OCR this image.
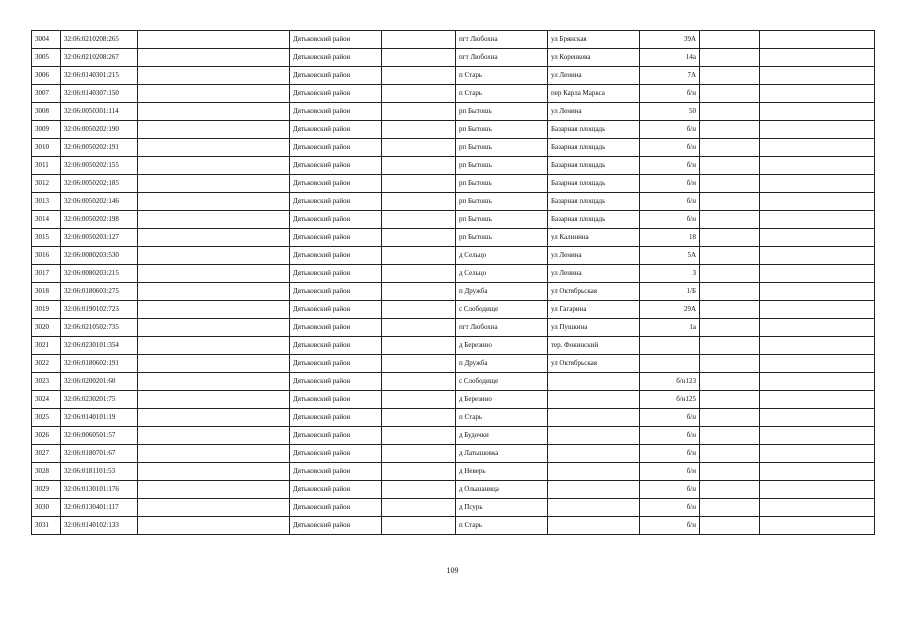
3004	32:06:0210208:265		Дятьковский район		пгт Любохна	ул Брянская	39А		
3005	32:06:0210208:267		Дятьковский район		пгт Любохна	ул Коренкова	14а		
3006	32:06:0140301:215		Дятьковский район		п Старь	ул Ленина	7А		
3007	32:06:0140307:150		Дятьковский район		п Старь	пер Карла Маркса	б/н		
3008	32:06:0050301:114		Дятьковский район		рп Бытошь	ул Ленина	50		
3009	32:06:0050202:190		Дятьковский район		рп Бытошь	Базарная площадь	б/н		
3010	32:06:0050202:191		Дятьковский район		рп Бытошь	Базарная площадь	б/н		
3011	32:06:0050202:155		Дятьковский район		рп Бытошь	Базарная площадь	б/н		
3012	32:06:0050202:185		Дятьковский район		рп Бытошь	Базарная площадь	б/н		
3013	32:06:0050202:146		Дятьковский район		рп Бытошь	Базарная площадь	б/н		
3014	32:06:0050202:198		Дятьковский район		рп Бытошь	Базарная площадь	б/н		
3015	32:06:0050203:127		Дятьковский район		рп Бытошь	ул Калинина	18		
3016	32:06:0080203:530		Дятьковский район		д Сельцо	ул Ленина	5А		
3017	32:06:0080203:215		Дятьковский район		д Сельцо	ул Ленина	3		
3018	32:06:0180603:275		Дятьковский район		п Дружба	ул Октябрьская	1/Б		
3019	32:06:0190102:723		Дятьковский район		с Слободище	ул Гагарина	29А		
3020	32:06:0210502:735		Дятьковский район		пгт Любохна	ул Пушкина	1а		
3021	32:06:0230101:354		Дятьковский район		д Березино	тер. Фокинский			
3022	32:06:0180602:191		Дятьковский район		п Дружба	ул Октябрьская			
3023	32:06:0200201:60		Дятьковский район		с Слободище		б/н123		
3024	32:06:0230201:75		Дятьковский район		д Березино		б/н125		
3025	32:06:0140101:19		Дятьковский район		п Старь		б/н		
3026	32:06:0060501:57		Дятьковский район		д Будочки		б/н		
3027	32:06:0180701:67		Дятьковский район		д Латышовка		б/н		
3028	32:06:0181101:53		Дятьковский район		д Неверь		б/н		
3029	32:06:0130101:176		Дятьковский район		д Ольшаница		б/н		
3030	32:06:0130401:117		Дятьковский район		д Псурь		б/н		
3031	32:06:0140102:133		Дятьковский район		п Старь		б/н		
109
